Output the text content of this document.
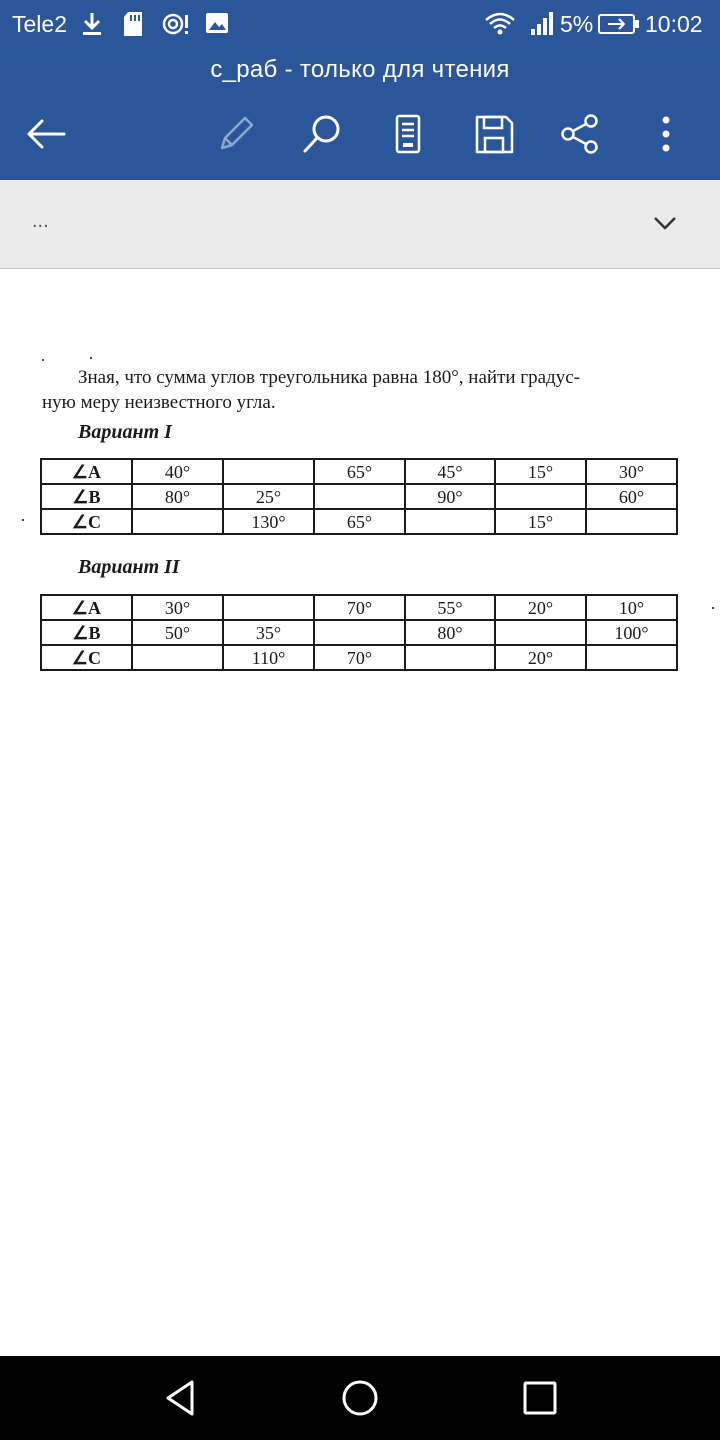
Tele2	5% 10:02
с_раб - только для чтения
...
Зная, что сумма углов треугольника равна 180°, найти градус-
ную меру неизвестного угла.
Вариант I
∠A	40°		65°	45°	15°	30°
∠B	80°	25°		90°		60°
∠C		130°	65°		15°	
Вариант II
∠A	30°		70°	55°	20°	10°
∠B	50°	35°		80°		100°
∠C		110°	70°		20°	
